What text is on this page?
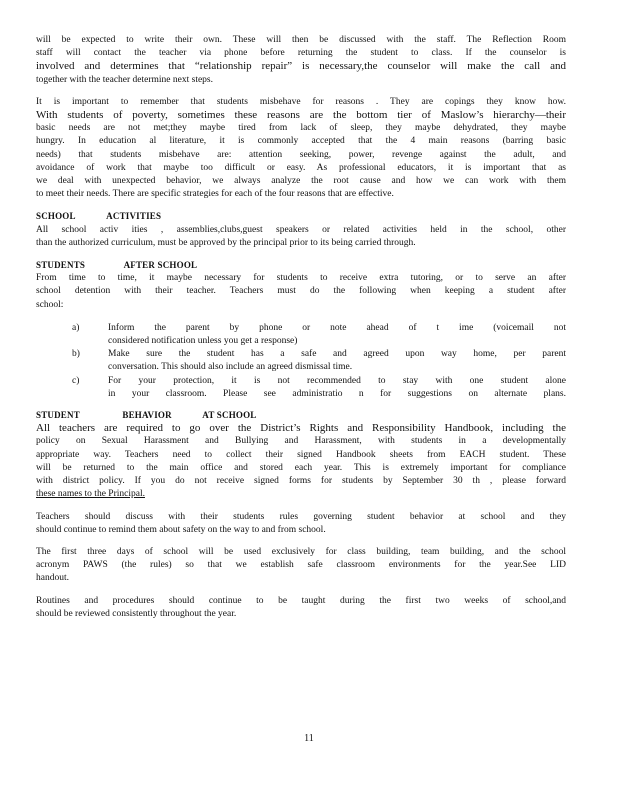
will be expected to write their own. These will then be discussed with the staff. The Reflection Room
staff will contact the teacher via phone before returning the student to class. If the counselor is
involved and determines that “relationship repair” is necessary,the counselor will make the call and
together with the teacher determine next steps.
It is important to remember that students misbehave for reasons . They are copings they know how.
With students of poverty, sometimes these reasons are the bottom tier of Maslow’s hierarchy—their
basic needs are not met;they maybe tired from lack of sleep, they maybe dehydrated, they maybe
hungry. In education al literature, it is commonly accepted that the 4 main reasons (barring basic
needs) that students misbehave are: attention seeking, power, revenge against the adult, and
avoidance of work that maybe too difficult or easy. As professional educators, it is important that as
we deal with unexpected behavior, we always analyze the root cause and how we can work with them
to meet their needs. There are specific strategies for each of the four reasons that are effective.
SCHOOL	ACTIVITIES
All school activ ities , assemblies,clubs,guest speakers or related activities held in the school, other
than the authorized curriculum, must be approved by the principal prior to its being carried through.
STUDENTS	AFTER SCHOOL
From time to time, it maybe necessary for students to receive extra tutoring, or to serve an after
school detention with their teacher. Teachers must do the following when keeping a student after
school:
a)	Inform the parent by phone or note ahead of t ime (voicemail not
considered notification unless you get a response)
b)	Make sure the student has a safe and agreed upon way home, per parent
conversation. This should also include an agreed dismissal time.
c)	For your protection, it is not recommended to stay with one student alone
in your classroom. Please see administratio n for suggestions on alternate plans.
STUDENT	BEHAVIOR	AT SCHOOL
All teachers are required to go over the District’s Rights and Responsibility Handbook, including the
policy on Sexual Harassment and Bullying and Harassment, with students in a developmentally
appropriate way. Teachers need to collect their signed Handbook sheets from EACH student. These
will be returned to the main office and stored each year. This is extremely important for compliance
with district policy. If you do not receive signed forms for students by September 30 th , please forward
these names to the Principal.
Teachers should discuss with their students rules governing student behavior at school and they
should continue to remind them about safety on the way to and from school.
The first three days of school will be used exclusively for class building, team building, and the school
acronym PAWS (the rules) so that we establish safe classroom environments for the year.See LID
handout.
Routines and procedures should continue to be taught during the first two weeks of school,and
should be reviewed consistently throughout the year.
11
